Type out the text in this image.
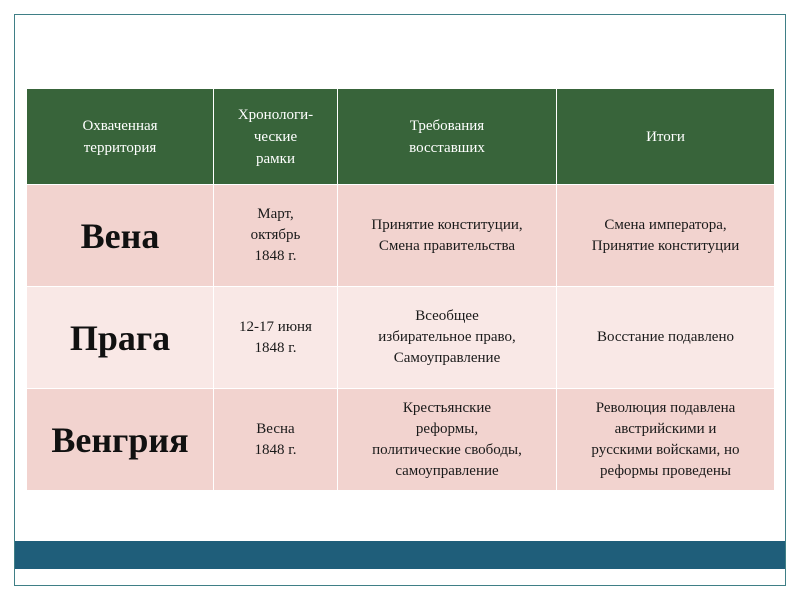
Охваченная
территория	Хронологи-
ческие
рамки	Требования
восставших	Итоги

Вена	Март,
октябрь
1848 г.	Принятие конституции,
Смена правительства	Смена императора,
Принятие конституции

Прага	12-17 июня
1848 г.	Всеобщее
избирательное право,
Самоуправление	Восстание подавлено

Венгрия	Весна
1848 г.	Крестьянские
реформы,
политические свободы,
самоуправление	Революция подавлена
австрийскими и
русскими войсками, но
реформы проведены
